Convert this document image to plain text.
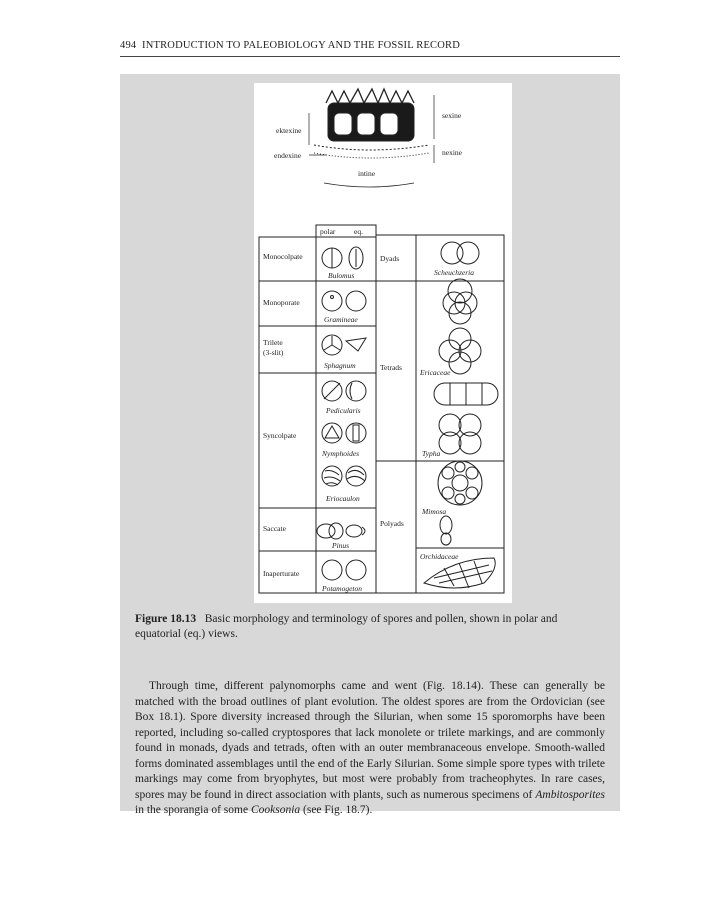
494 INTRODUCTION TO PALEOBIOLOGY AND THE FOSSIL RECORD
ektexine
endexine
intine
sexine
nexine
polar eq.
Monocolpate
Monoporate
Trilete
(3-slit)
Syncolpate
Saccate
Inaperturate
Bulomus
Gramineae
Sphagnum
Pedicularis
Nymphoides
Eriocaulon
Pinus
Potamogeton
Dyads
Tetrads
Polyads
Scheuchzeria
Ericaceae
Typha
Mimosa
Orchidaceae
Figure 18.13 Basic morphology and terminology of spores and pollen, shown in polar and equatorial (eq.) views.

Through time, different palynomorphs came and went (Fig. 18.14). These can generally be matched with the broad outlines of plant evolution. The oldest spores are from the Ordovician (see Box 18.1). Spore diversity increased through the Silurian, when some 15 sporomorphs have been reported, including so-called cryptospores that lack monolete or trilete markings, and are commonly found in monads, dyads and tetrads, often with an outer membranaceous envelope. Smooth-walled forms dominated assemblages until the end of the Early Silurian. Some simple spore types with trilete markings may come from bryophytes, but most were probably from tracheophytes. In rare cases, spores may be found in direct association with plants, such as numerous specimens of Ambitosporites in the sporangia of some Cooksonia (see Fig. 18.7).
